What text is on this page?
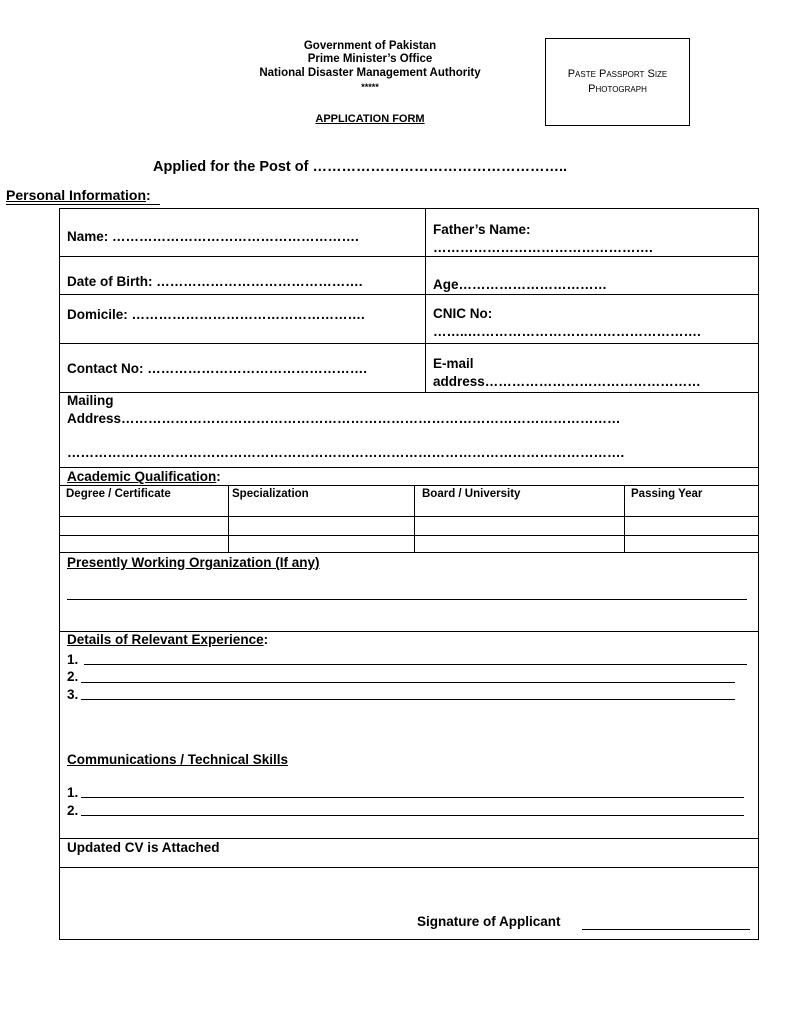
Government of Pakistan
Prime Minister’s Office
National Disaster Management Authority
*****
APPLICATION FORM
Paste Passport Size
Photograph
Applied for the Post of ……………………………………………..
Personal Information:
Name: ……………………………………………….	Father’s Name:
………………………………………….
Date of Birth: ……………………………………….	Age……………………………
Domicile: …………………………………………….	CNIC No:
……..…………………………………………….
Contact No: ………………………………………….	E-mail
address…………………………………………
Mailing
Address…………………………………………………………………………………………………
…………………………………………………………………………………………………………….
Academic Qualification:
Degree / Certificate	Specialization	Board / University	Passing Year
Presently Working Organization (If any)
Details of Relevant Experience:
1.
2.
3.
Communications / Technical Skills
1.
2.
Updated CV is Attached
Signature of Applicant
